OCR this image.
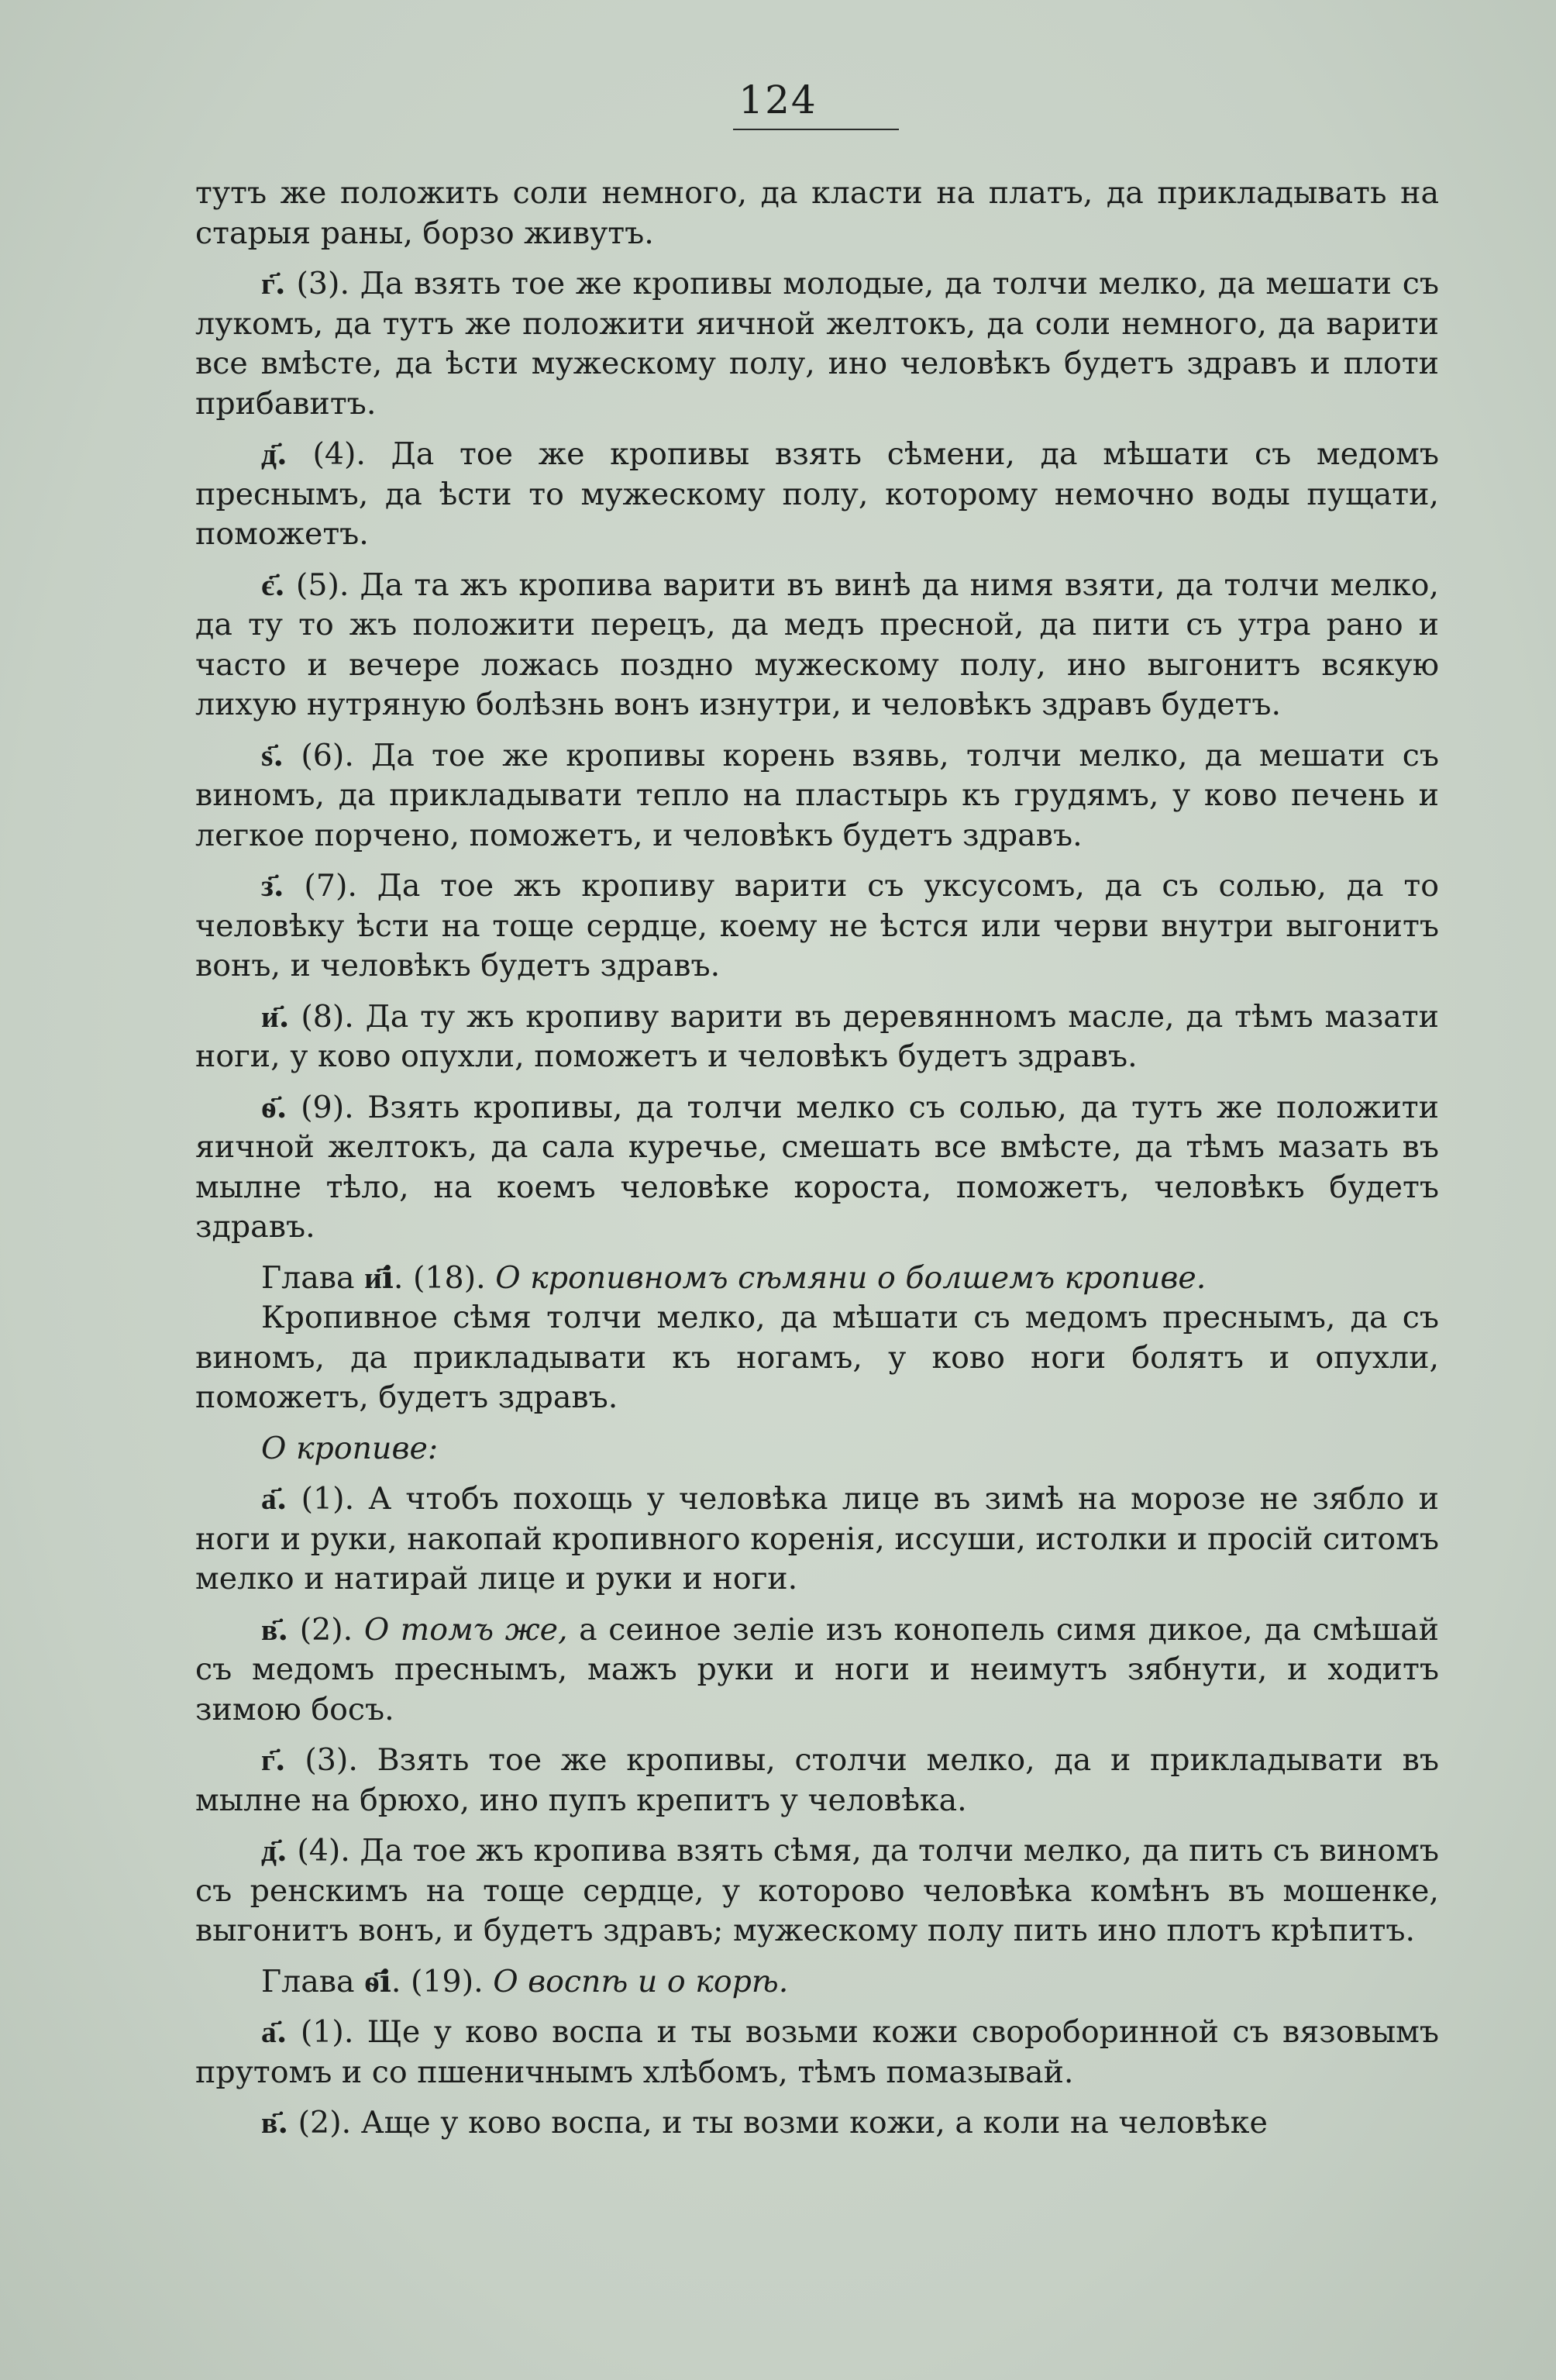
124

тутъ же положить соли немного, да класти на платъ, да прикладывать на старыя раны, борзо живутъ.

г҃. (3). Да взять тое же кропивы молодые, да толчи мелко, да мешати съ лукомъ, да тутъ же положити яичной желтокъ, да соли немного, да варити все вмѣсте, да ѣсти мужескому полу, ино человѣкъ будетъ здравъ и плоти прибавитъ.

д҃. (4). Да тое же кропивы взять сѣмени, да мѣшати съ медомъ преснымъ, да ѣсти то мужескому полу, которому немочно воды пущати, поможетъ.

є҃. (5). Да та жъ кропива варити въ винѣ да нимя взяти, да толчи мелко, да ту то жъ положити перецъ, да медъ пресной, да пити съ утра рано и часто и вечере ложась поздно мужескому полу, ино выгонитъ всякую лихую нутряную болѣзнь вонъ изнутри, и человѣкъ здравъ будетъ.

ѕ҃. (6). Да тое же кропивы корень взявь, толчи мелко, да мешати съ виномъ, да прикладывати тепло на пластырь къ грудямъ, у ково печень и легкое порчено, поможетъ, и человѣкъ будетъ здравъ.

з҃. (7). Да тое жъ кропиву варити съ уксусомъ, да съ солью, да то человѣку ѣсти на тоще сердце, коему не ѣстся или черви внутри выгонитъ вонъ, и человѣкъ будетъ здравъ.

и҃. (8). Да ту жъ кропиву варити въ деревянномъ масле, да тѣмъ мазати ноги, у ково опухли, поможетъ и человѣкъ будетъ здравъ.

ѳ҃. (9). Взять кропивы, да толчи мелко съ солью, да тутъ же положити яичной желтокъ, да сала куречье, смешать все вмѣсте, да тѣмъ мазать въ мылне тѣло, на коемъ человѣке короста, поможетъ, человѣкъ будетъ здравъ.

Глава и҃і. (18). О кропивномъ сѣмяни о болшемъ кропиве.

Кропивное сѣмя толчи мелко, да мѣшати съ медомъ преснымъ, да съ виномъ, да прикладывати къ ногамъ, у ково ноги болятъ и опухли, поможетъ, будетъ здравъ.

О кропиве:

а҃. (1). А чтобъ похощь у человѣка лице въ зимѣ на морозе не зябло и ноги и руки, накопай кропивного коренія, иссуши, истолки и просій ситомъ мелко и натирай лице и руки и ноги.

в҃. (2). О томъ же, а сеиное зеліе изъ конопель симя дикое, да смѣшай съ медомъ преснымъ, мажъ руки и ноги и неимутъ зябнути, и ходитъ зимою босъ.

г҃. (3). Взять тое же кропивы, столчи мелко, да и прикладывати въ мылне на брюхо, ино пупъ крепитъ у человѣка.

д҃. (4). Да тое жъ кропива взять сѣмя, да толчи мелко, да пить съ виномъ съ ренскимъ на тоще сердце, у которово человѣка комѣнъ въ мошенке, выгонитъ вонъ, и будетъ здравъ; мужескому полу пить ино плотъ крѣпитъ.

Глава ѳ҃і. (19). О воспѣ и о корѣ.

а҃. (1). Ще у ково воспа и ты возьми кожи свороборинной съ вязовымъ прутомъ и со пшеничнымъ хлѣбомъ, тѣмъ помазывай.

в҃. (2). Аще у ково воспа, и ты возми кожи, а коли на человѣке
